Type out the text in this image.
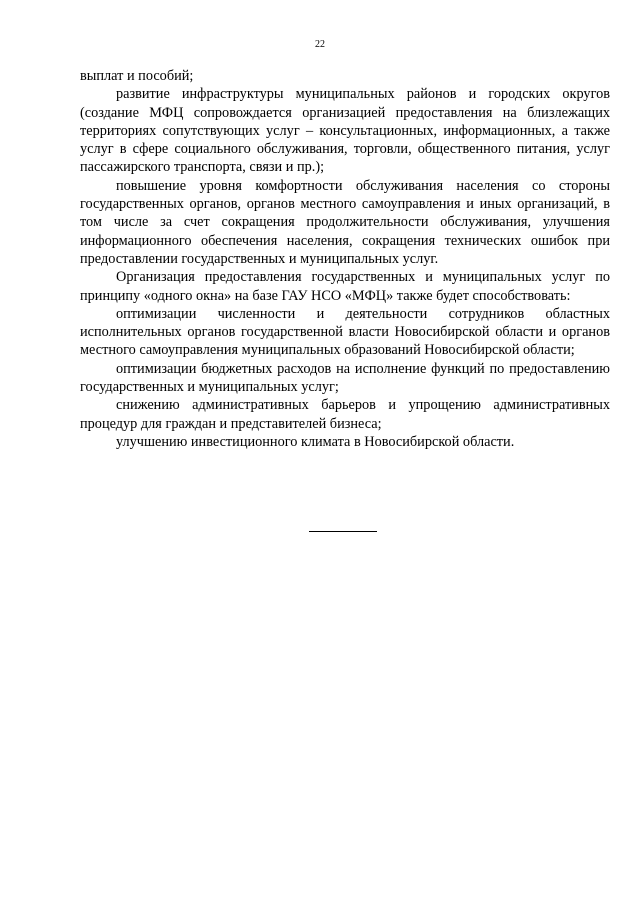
22

выплат и пособий;

развитие инфраструктуры муниципальных районов и городских округов (создание МФЦ сопровождается организацией предоставления на близлежащих территориях сопутствующих услуг – консультационных, информационных, а также услуг в сфере социального обслуживания, торговли, общественного питания, услуг пассажирского транспорта, связи и пр.);

повышение уровня комфортности обслуживания населения со стороны государственных органов, органов местного самоуправления и иных организаций, в том числе за счет сокращения продолжительности обслуживания, улучшения информационного обеспечения населения, сокращения технических ошибок при предоставлении государственных и муниципальных услуг.

Организация предоставления государственных и муниципальных услуг по принципу «одного окна» на базе ГАУ НСО «МФЦ» также будет способствовать:

оптимизации численности и деятельности сотрудников областных исполнительных органов государственной власти Новосибирской области и органов местного самоуправления муниципальных образований Новосибирской области;

оптимизации бюджетных расходов на исполнение функций по предоставлению государственных и муниципальных услуг;

снижению административных барьеров и упрощению административных процедур для граждан и представителей бизнеса;

улучшению инвестиционного климата в Новосибирской области.
